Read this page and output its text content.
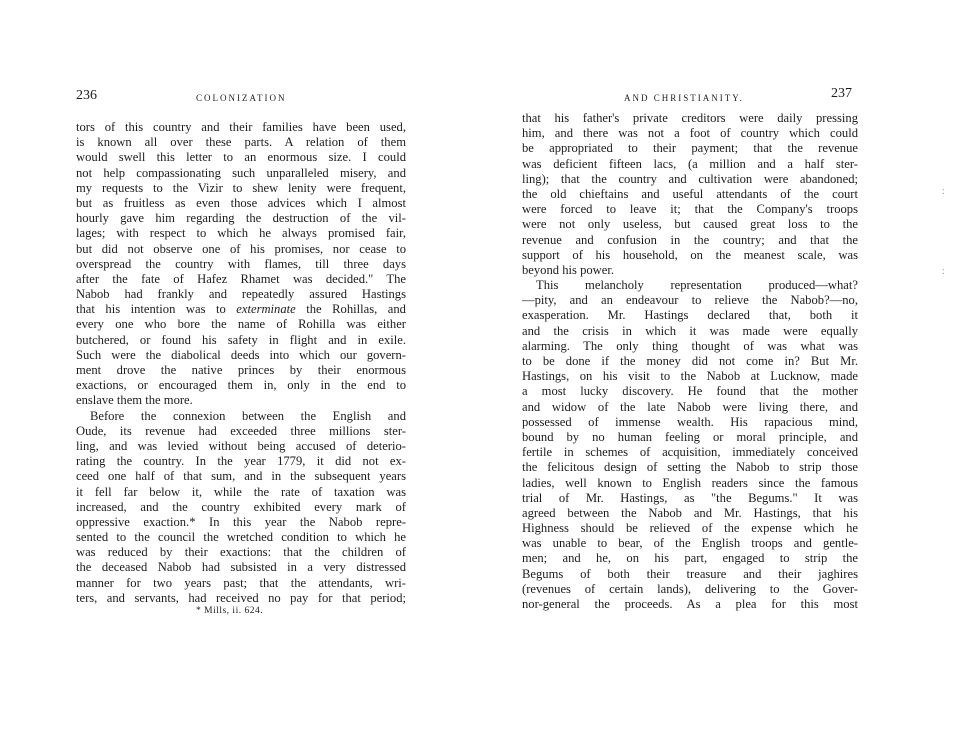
236	COLONIZATION
tors of this country and their families have been used,
is known all over these parts. A relation of them
would swell this letter to an enormous size. I could
not help compassionating such unparalleled misery, and
my requests to the Vizir to shew lenity were frequent,
but as fruitless as even those advices which I almost
hourly gave him regarding the destruction of the vil-
lages; with respect to which he always promised fair,
but did not observe one of his promises, nor cease to
overspread the country with flames, till three days
after the fate of Hafez Rhamet was decided." The
Nabob had frankly and repeatedly assured Hastings
that his intention was to exterminate the Rohillas, and
every one who bore the name of Rohilla was either
butchered, or found his safety in flight and in exile.
Such were the diabolical deeds into which our govern-
ment drove the native princes by their enormous
exactions, or encouraged them in, only in the end to
enslave them the more.
Before the connexion between the English and
Oude, its revenue had exceeded three millions ster-
ling, and was levied without being accused of deterio-
rating the country. In the year 1779, it did not ex-
ceed one half of that sum, and in the subsequent years
it fell far below it, while the rate of taxation was
increased, and the country exhibited every mark of
oppressive exaction.* In this year the Nabob repre-
sented to the council the wretched condition to which he
was reduced by their exactions: that the children of
the deceased Nabob had subsisted in a very distressed
manner for two years past; that the attendants, wri-
ters, and servants, had received no pay for that period;
* Mills, ii. 624.
AND CHRISTIANITY.	237
that his father's private creditors were daily pressing
him, and there was not a foot of country which could
be appropriated to their payment; that the revenue
was deficient fifteen lacs, (a million and a half ster-
ling); that the country and cultivation were abandoned;
the old chieftains and useful attendants of the court
were forced to leave it; that the Company's troops
were not only useless, but caused great loss to the
revenue and confusion in the country; and that the
support of his household, on the meanest scale, was
beyond his power.
This melancholy representation produced—what?
—pity, and an endeavour to relieve the Nabob?—no,
exasperation. Mr. Hastings declared that, both it
and the crisis in which it was made were equally
alarming. The only thing thought of was what was
to be done if the money did not come in? But Mr.
Hastings, on his visit to the Nabob at Lucknow, made
a most lucky discovery. He found that the mother
and widow of the late Nabob were living there, and
possessed of immense wealth. His rapacious mind,
bound by no human feeling or moral principle, and
fertile in schemes of acquisition, immediately conceived
the felicitous design of setting the Nabob to strip those
ladies, well known to English readers since the famous
trial of Mr. Hastings, as "the Begums." It was
agreed between the Nabob and Mr. Hastings, that his
Highness should be relieved of the expense which he
was unable to bear, of the English troops and gentle-
men; and he, on his part, engaged to strip the
Begums of both their treasure and their jaghires
(revenues of certain lands), delivering to the Gover-
nor-general the proceeds. As a plea for this most
:
:
